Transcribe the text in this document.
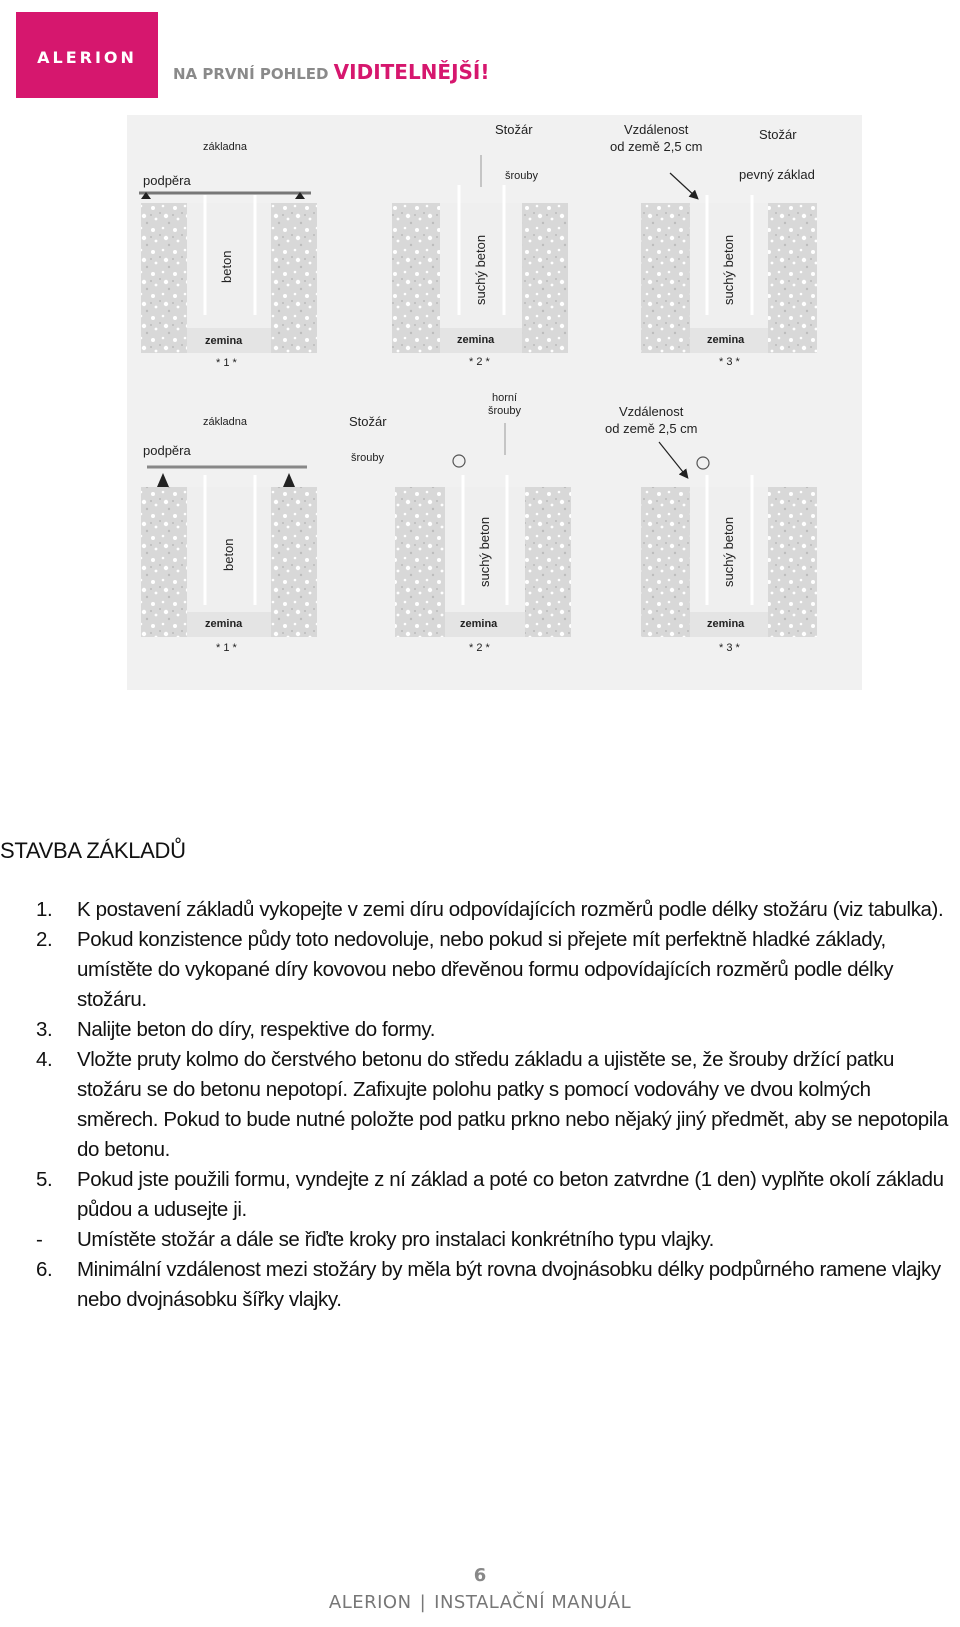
ALERION
NA PRVNÍ POHLED VIDITELNĚJŠÍ!
základna
podpěra
Stožár
šrouby
Vzdálenost
od země 2,5 cm
Stožár
pevný základ
beton	suchý beton	suchý beton
zemina	zemina	zemina
* 1 *	* 2 *	* 3 *
základna	Stožár
podpěra	šrouby
horní
šrouby	Vzdálenost
od země 2,5 cm
beton	suchý beton	suchý beton
zemina	zemina	zemina
* 1 *	* 2 *	* 3 *
STAVBA ZÁKLADŮ
1. K postavení základů vykopejte v zemi díru odpovídajících rozměrů podle délky stožáru (viz tabulka).
2. Pokud konzistence půdy toto nedovoluje, nebo pokud si přejete mít perfektně hladké základy, umístěte do vykopané díry kovovou nebo dřevěnou formu odpovídajících rozměrů podle délky stožáru.
3. Nalijte beton do díry, respektive do formy.
4. Vložte pruty kolmo do čerstvého betonu do středu základu a ujistěte se, že šrouby držící patku stožáru se do betonu nepotopí. Zafixujte polohu patky s pomocí vodováhy ve dvou kolmých směrech. Pokud to bude nutné položte pod patku prkno nebo nějaký jiný předmět, aby se nepotopila do betonu.
5. Pokud jste použili formu, vyndejte z ní základ a poté co beton zatvrdne (1 den) vyplňte okolí základu půdou a udusejte ji.
- Umístěte stožár a dále se řiďte kroky pro instalaci konkrétního typu vlajky.
6. Minimální vzdálenost mezi stožáry by měla být rovna dvojnásobku délky podpůrného ramene vlajky nebo dvojnásobku šířky vlajky.
6
ALERION | INSTALAČNÍ MANUÁL
